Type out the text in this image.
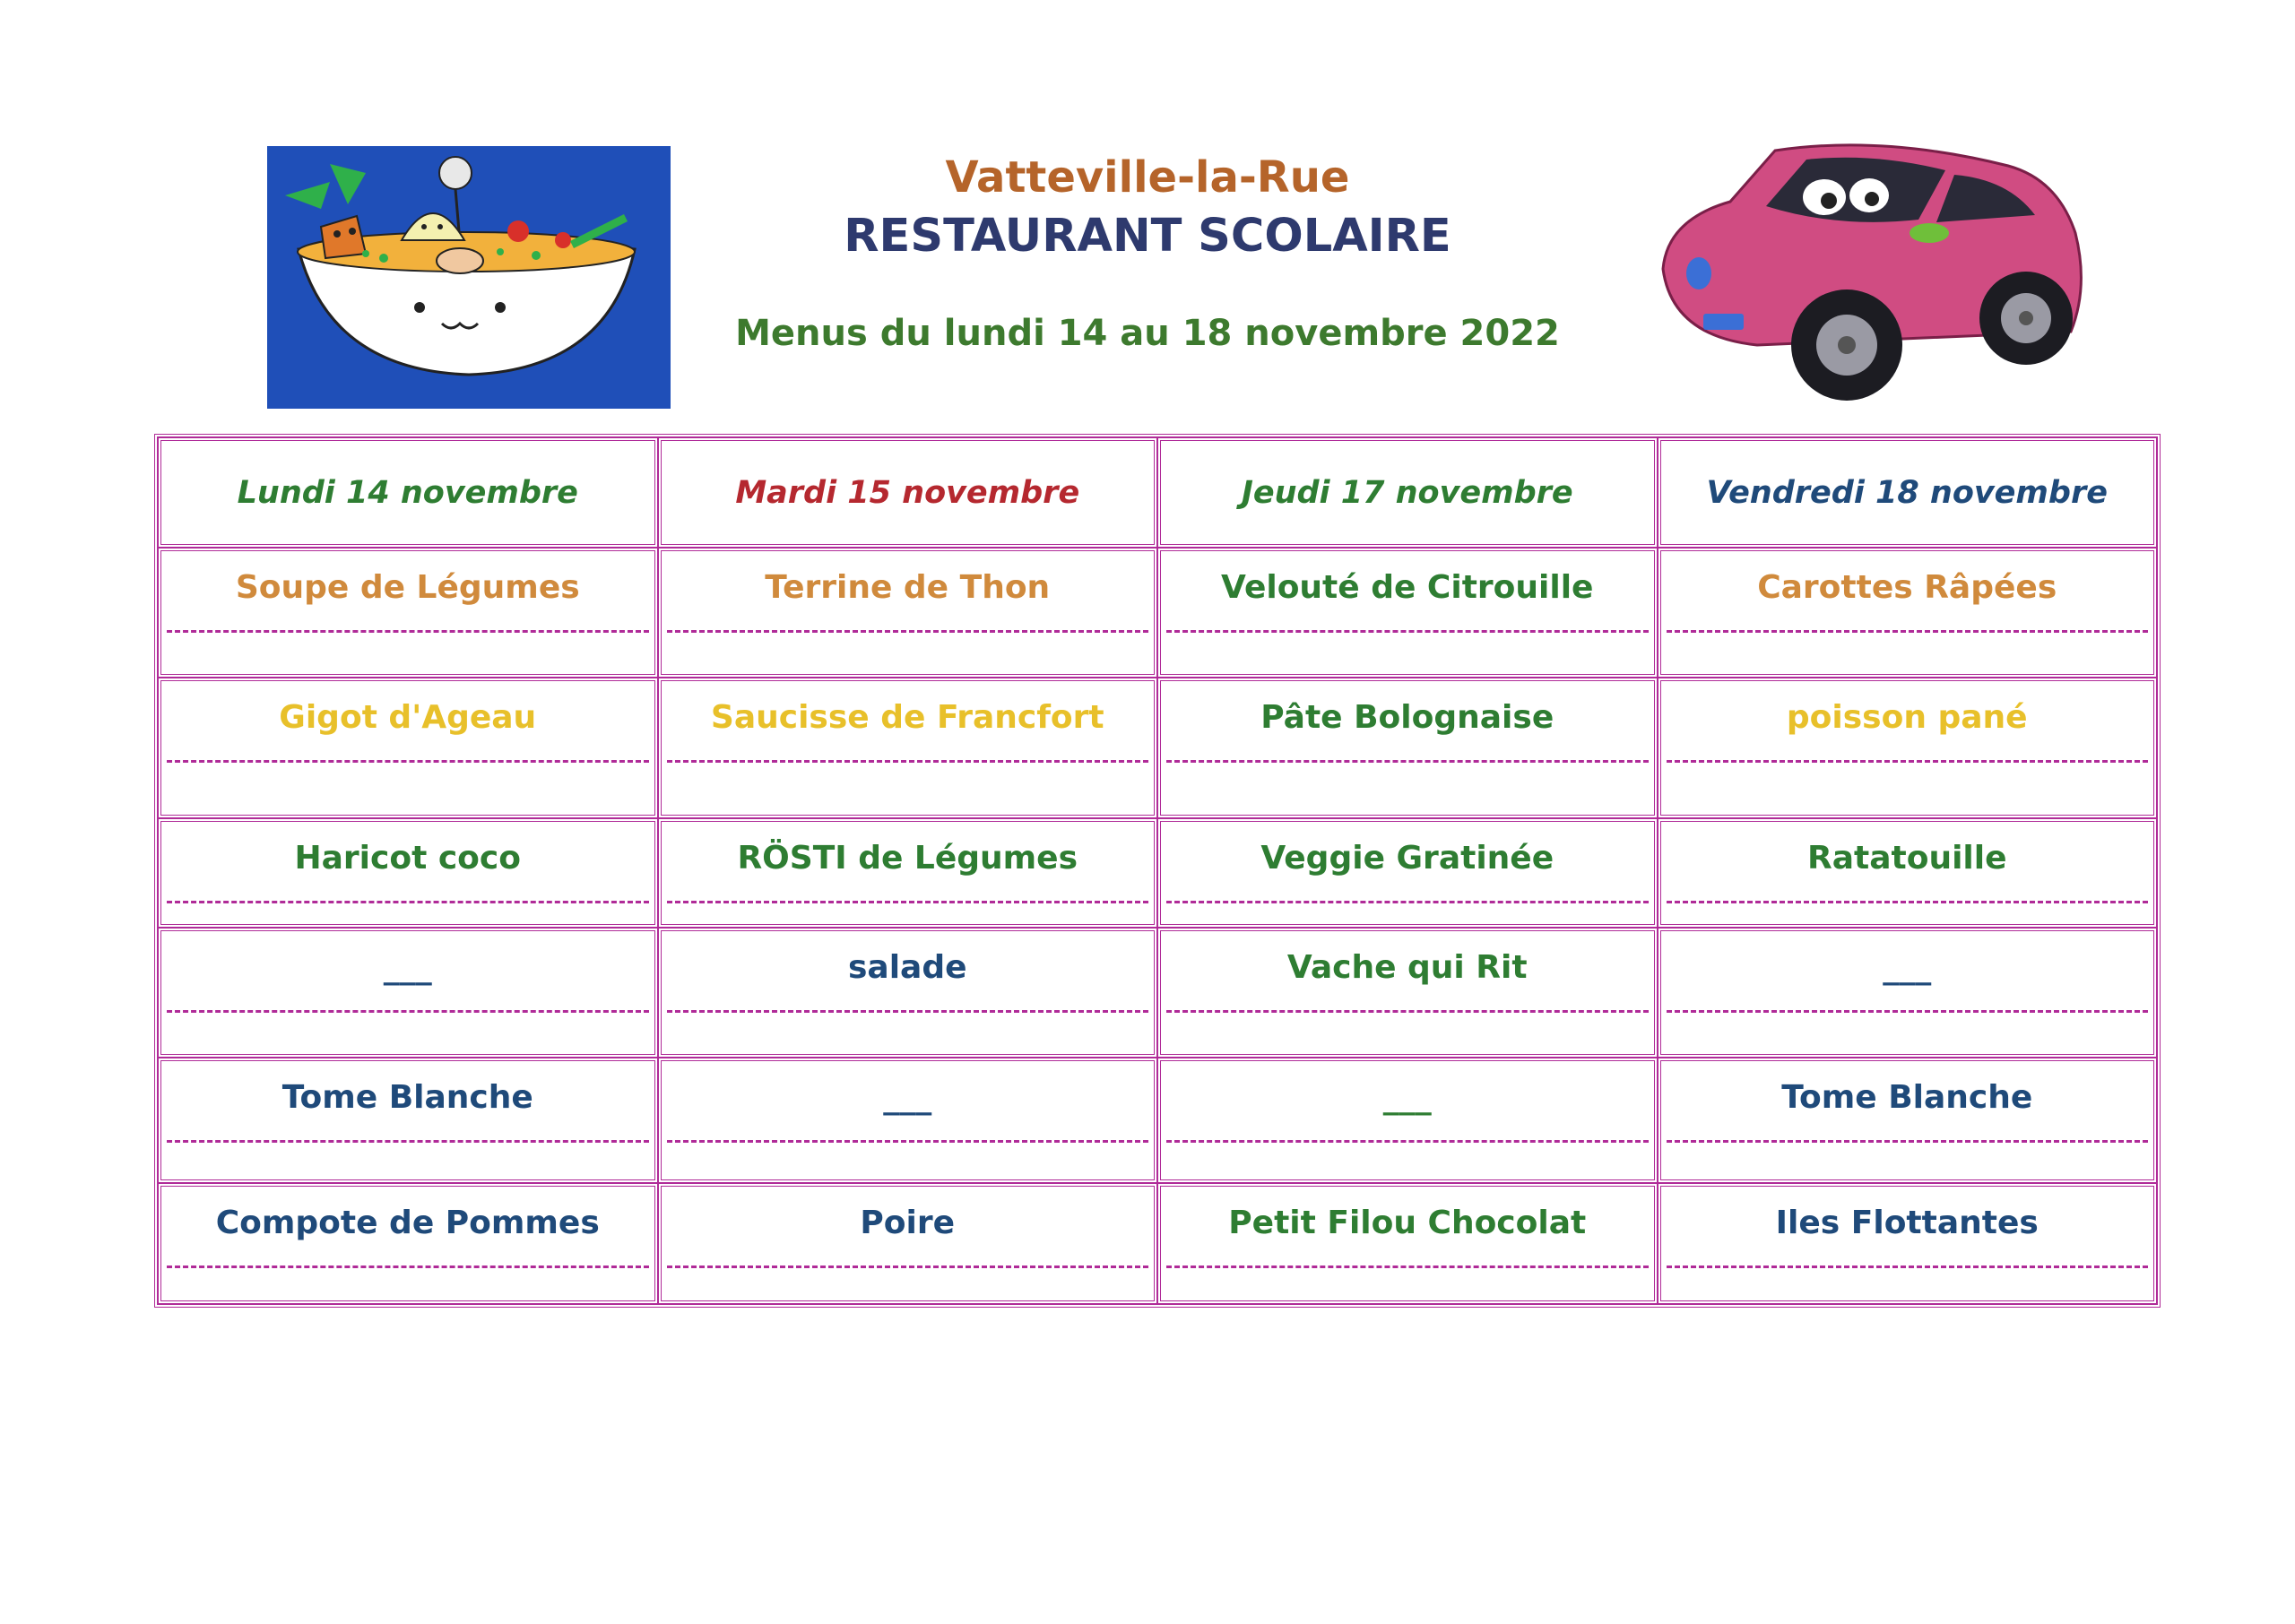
Vatteville-la-Rue
RESTAURANT SCOLAIRE
Menus du lundi 14 au 18 novembre 2022
Lundi 14 novembre	Mardi 15 novembre	Jeudi 17 novembre	Vendredi 18 novembre
Soupe de Légumes	Terrine de Thon	Velouté de Citrouille	Carottes Râpées
Gigot d'Ageau	Saucisse de Francfort	Pâte Bolognaise	poisson pané
Haricot coco	RÖSTI de Légumes	Veggie Gratinée	Ratatouille
___	salade	Vache qui Rit	___
Tome Blanche	___	___	Tome Blanche
Compote de Pommes	Poire	Petit Filou Chocolat	Iles Flottantes
